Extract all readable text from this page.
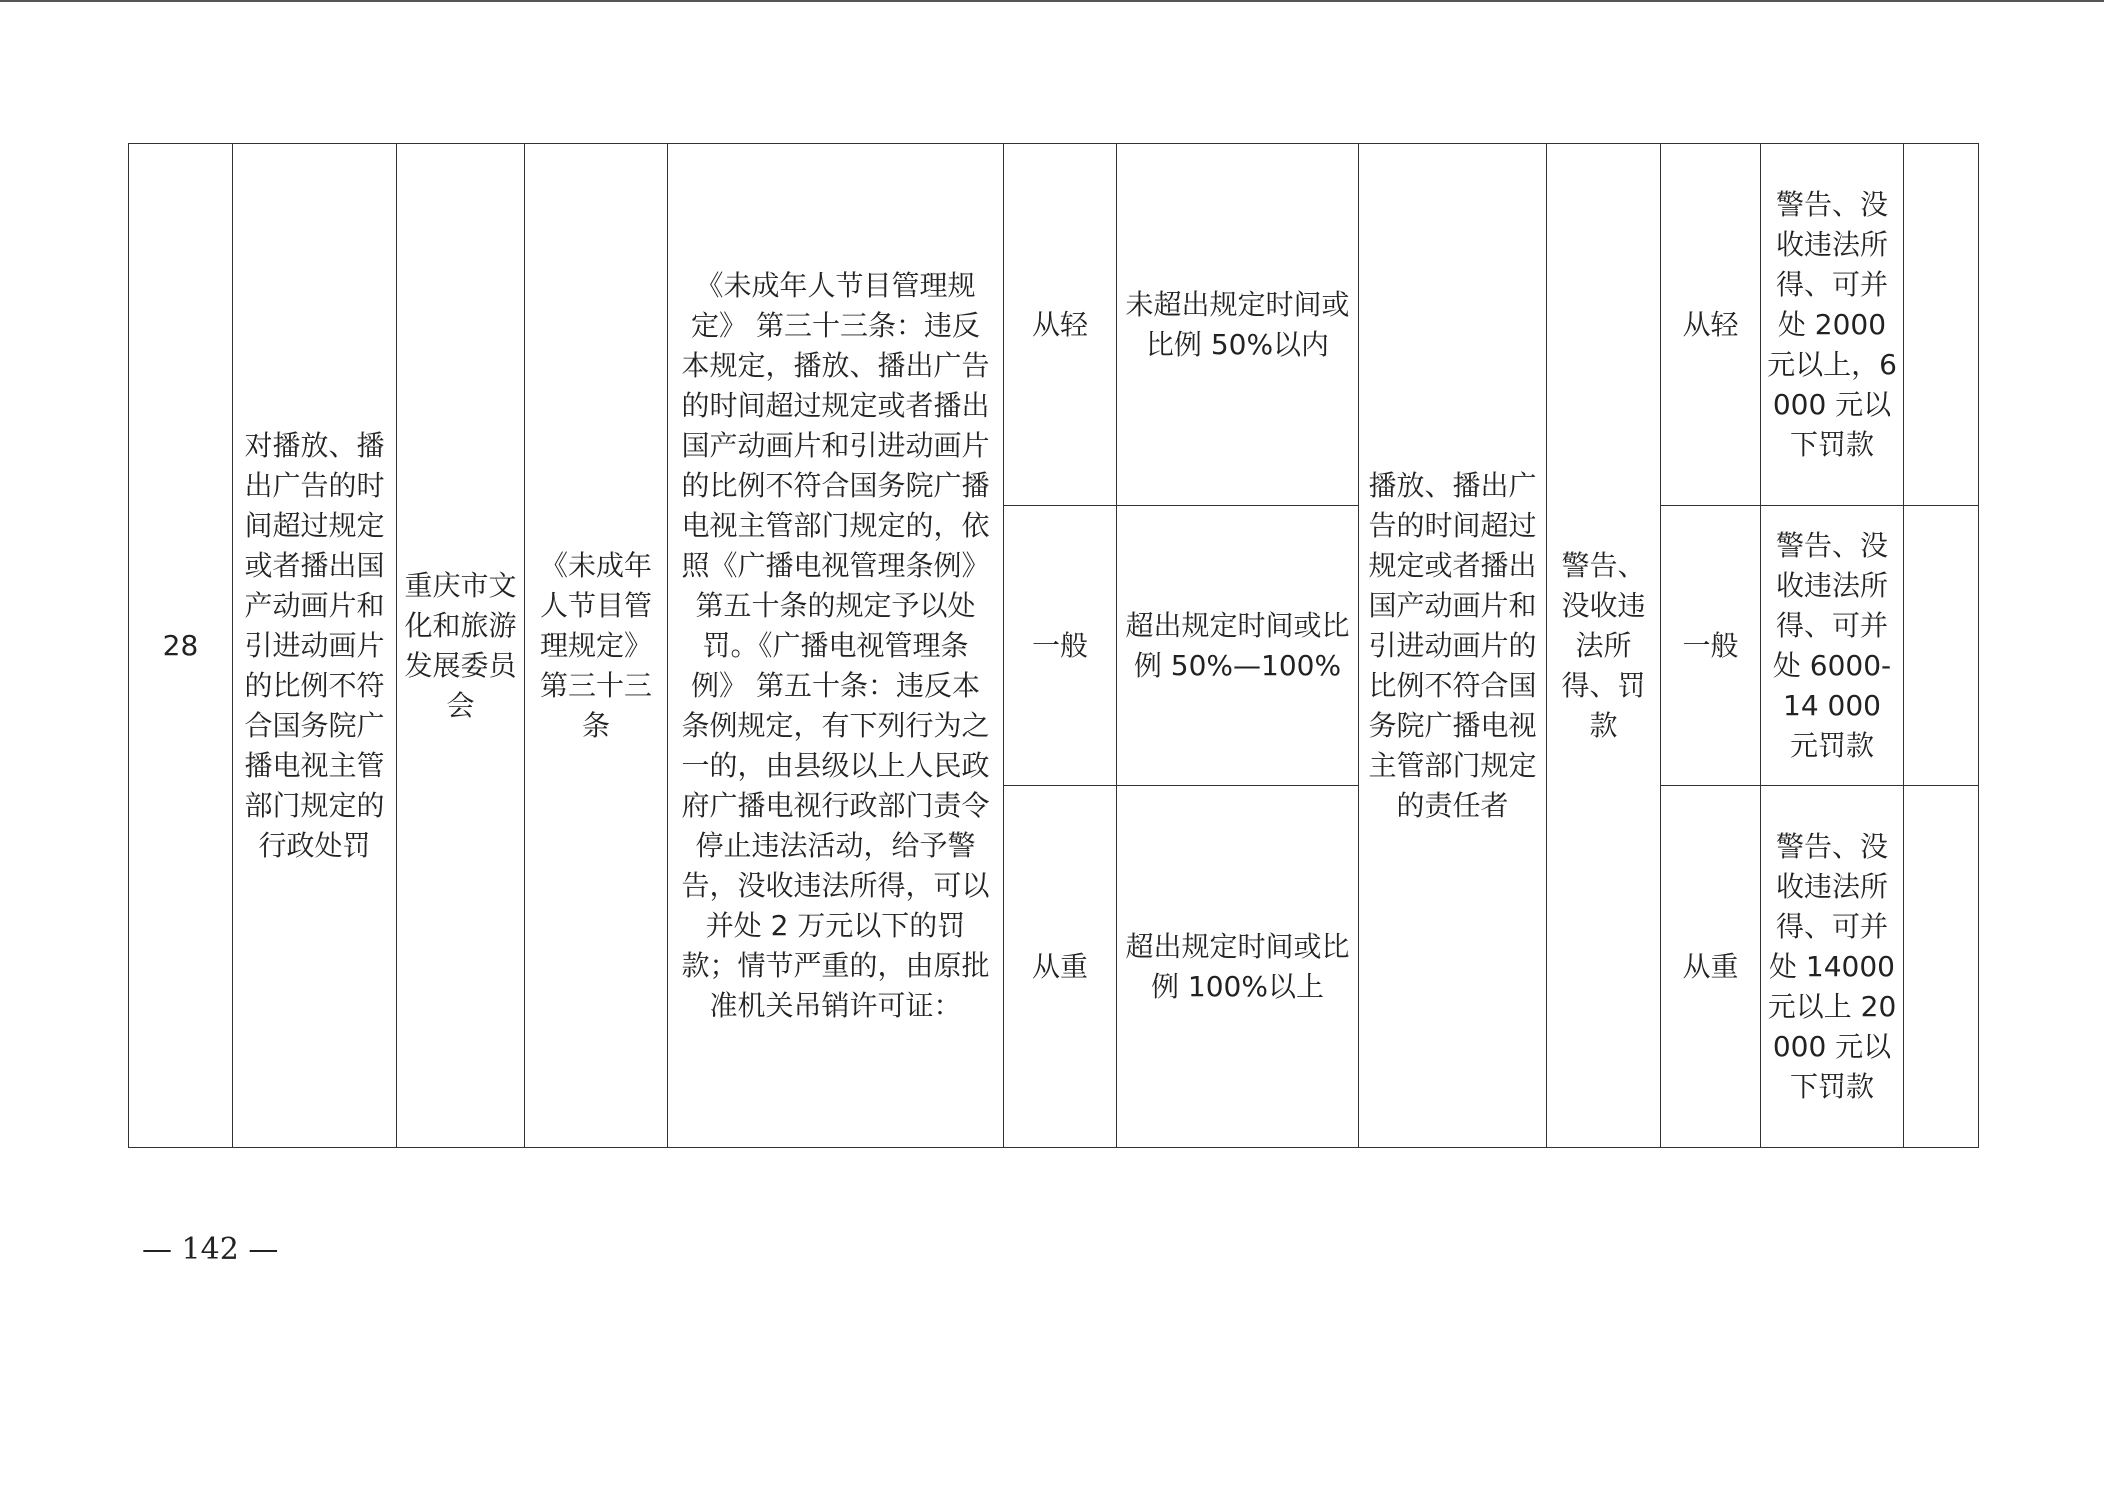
28	对播放、播出广告的时间超过规定或者播出国产动画片和引进动画片的比例不符合国务院广播电视主管部门规定的行政处罚	重庆市文化和旅游发展委员会	《未成年人节目管理规定》第三十三条	《未成年人节目管理规定》 第三十三条：违反本规定，播放、播出广告的时间超过规定或者播出国产动画片和引进动画片的比例不符合国务院广播电视主管部门规定的，依照《广播电视管理条例》第五十条的规定予以处罚。《广播电视管理条例》 第五十条：违反本条例规定，有下列行为之一的，由县级以上人民政府广播电视行政部门责令停止违法活动，给予警告，没收违法所得，可以并处 2 万元以下的罚款；情节严重的，由原批准机关吊销许可证：	从轻	未超出规定时间或比例 50%以内	播放、播出广告的时间超过规定或者播出国产动画片和引进动画片的比例不符合国务院广播电视主管部门规定的责任者	警告、没收违法所得、罚款	从轻	警告、没收违法所得、可并处 2000 元以上，6000 元以下罚款	
					一般	超出规定时间或比例 50%—100%			一般	警告、没收违法所得、可并处 6000- 14 000 元罚款	
					从重	超出规定时间或比例 100%以上			从重	警告、没收违法所得、可并处 14000 元以上 20000 元以下罚款	
— 142 —
